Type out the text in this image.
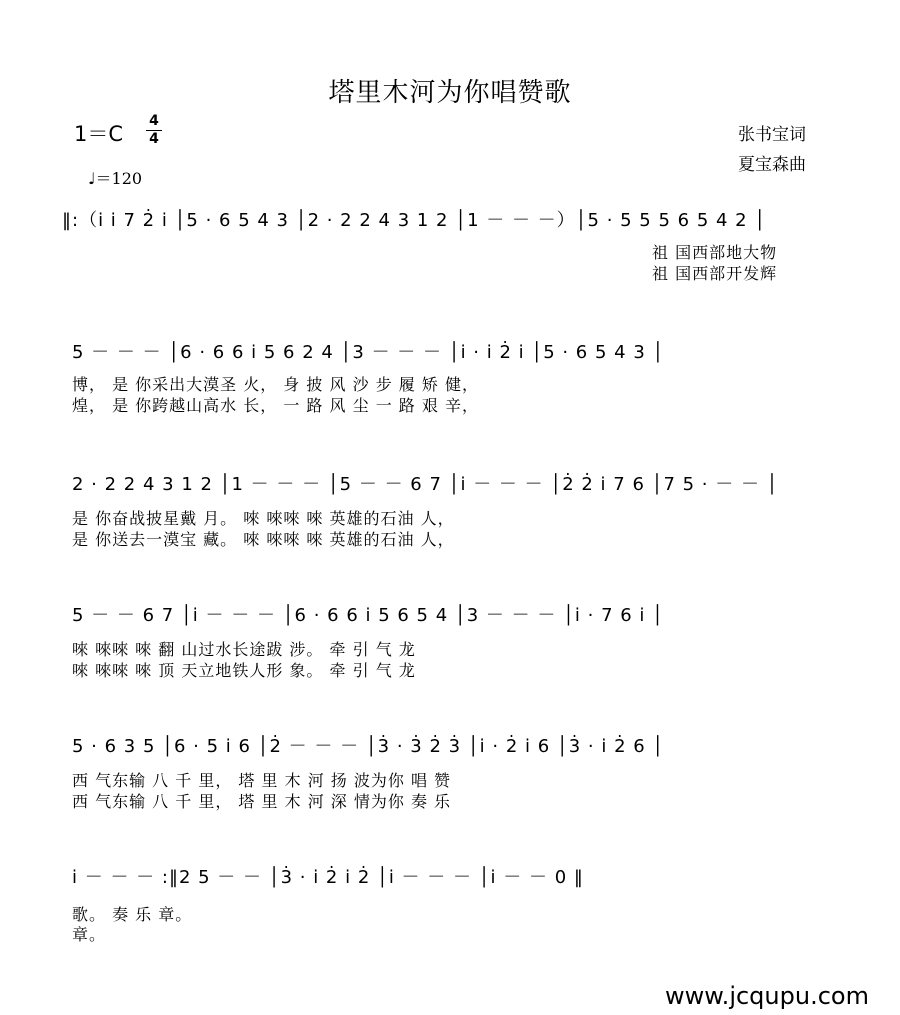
塔里木河为你唱赞歌
1＝C
4
4
♩＝120
张书宝词
夏宝森曲
‖:（i̇ i̇ 7 2̇ i̇ │5 · 6 5 4 3 │2 · 2 2 4 3 1 2 │1 － － －）│5 · 5 5 5 6 5 4 2 │
祖 国西部地大物
祖 国西部开发辉
5 － － － │6 · 6 6 i̇ 5 6 2 4 │3 － － － │i̇ · i̇ 2̇ i̇ │5 · 6 5 4 3 │
博， 是 你采出大漠圣 火， 身 披 风 沙 步 履 矫 健，
煌， 是 你跨越山高水 长， 一 路 风 尘 一 路 艰 辛，
2 · 2 2 4 3 1 2 │1 － － － │5 － － 6 7 │i̇ － － － │2̇ 2̇ i̇ 7 6 │7 5 · － － │
是 你奋战披星戴 月。 唻 唻唻 唻 英雄的石油 人，
是 你送去一漠宝 藏。 唻 唻唻 唻 英雄的石油 人，
5 － － 6 7 │i̇ － － － │6 · 6 6 i̇ 5 6 5 4 │3 － － － │i̇ · 7 6 i̇ │
唻 唻唻 唻 翻 山过水长途跋 涉。 牵 引 气 龙
唻 唻唻 唻 顶 天立地铁人形 象。 牵 引 气 龙
5 · 6 3 5 │6 · 5 i̇ 6 │2̇ － － － │3̇ · 3̇ 2̇ 3̇ │i̇ · 2̇ i̇ 6 │3̇ · i̇ 2̇ 6 │
西 气东输 八 千 里， 塔 里 木 河 扬 波为你 唱 赞
西 气东输 八 千 里， 塔 里 木 河 深 情为你 奏 乐
i̇ － － － :‖2 5 － － │3̇ · i̇ 2̇ i̇ 2̇ │i̇ － － － │i̇ － － 0 ‖
歌。 奏 乐 章。
章。
www.jcqupu.com
